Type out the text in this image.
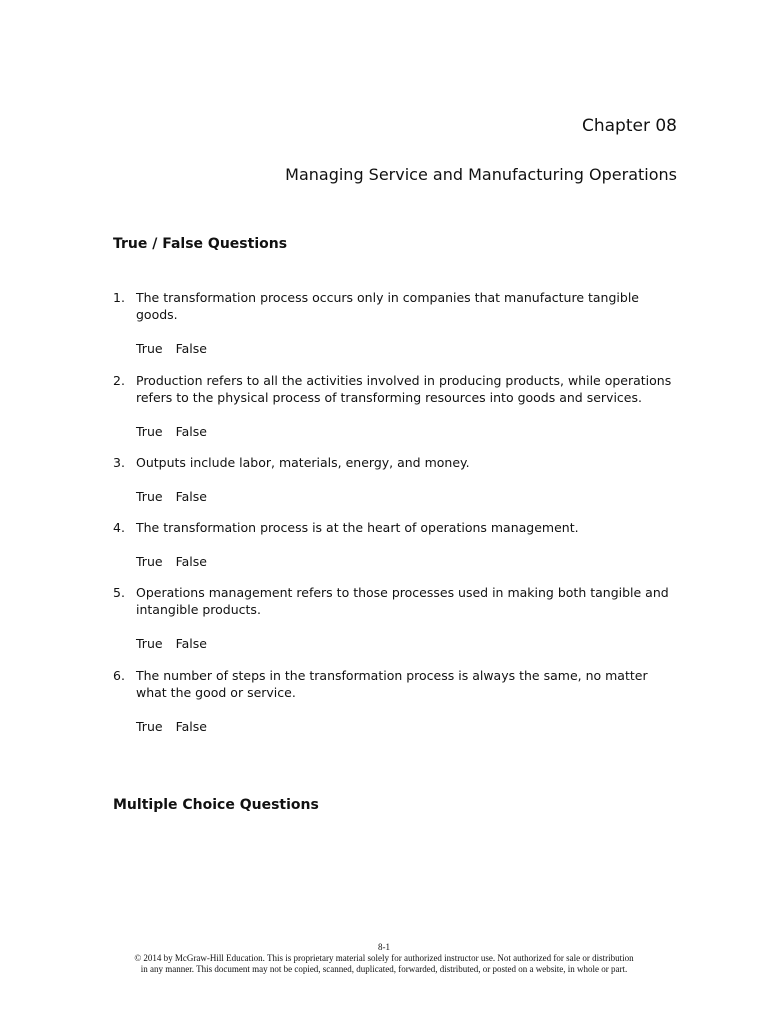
Chapter 08
Managing Service and Manufacturing Operations
True / False Questions
1. The transformation process occurs only in companies that manufacture tangible goods.
True False
2. Production refers to all the activities involved in producing products, while operations refers to the physical process of transforming resources into goods and services.
True False
3. Outputs include labor, materials, energy, and money.
True False
4. The transformation process is at the heart of operations management.
True False
5. Operations management refers to those processes used in making both tangible and intangible products.
True False
6. The number of steps in the transformation process is always the same, no matter what the good or service.
True False
Multiple Choice Questions
8-1
© 2014 by McGraw-Hill Education. This is proprietary material solely for authorized instructor use. Not authorized for sale or distribution
in any manner. This document may not be copied, scanned, duplicated, forwarded, distributed, or posted on a website, in whole or part.
